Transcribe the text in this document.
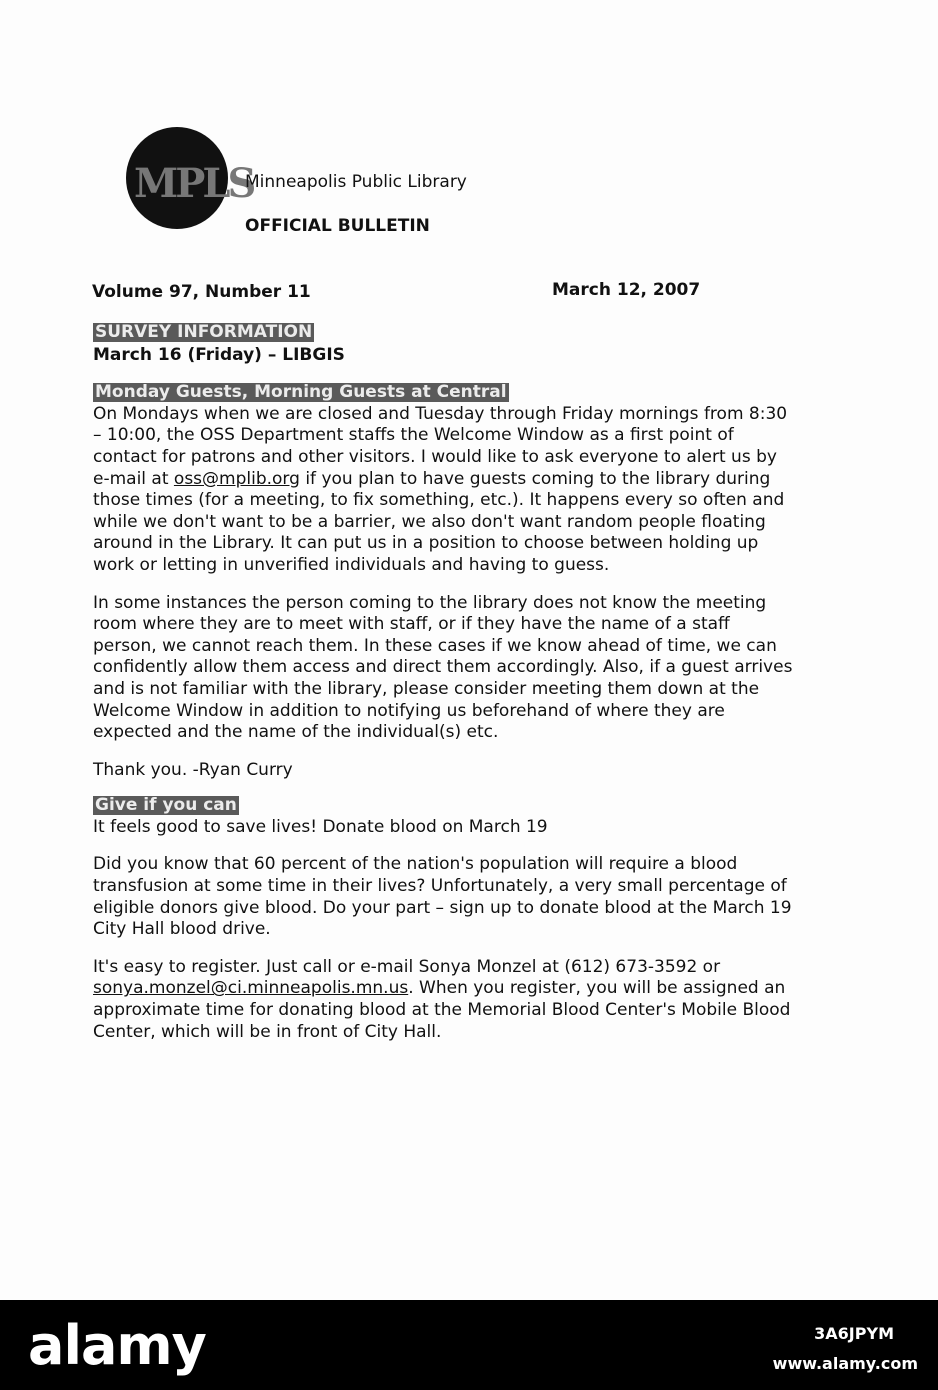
MPLS
Minneapolis Public Library
OFFICIAL BULLETIN
Volume 97, Number 11	March 12, 2007
SURVEY INFORMATION

March 16 (Friday) – LIBGIS

Monday Guests, Morning Guests at Central

On Mondays when we are closed and Tuesday through Friday mornings from 8:30 – 10:00, the OSS Department staffs the Welcome Window as a first point of contact for patrons and other visitors. I would like to ask everyone to alert us by e-mail at oss@mplib.org if you plan to have guests coming to the library during those times (for a meeting, to fix something, etc.). It happens every so often and while we don't want to be a barrier, we also don't want random people floating around in the Library. It can put us in a position to choose between holding up work or letting in unverified individuals and having to guess.

In some instances the person coming to the library does not know the meeting room where they are to meet with staff, or if they have the name of a staff person, we cannot reach them. In these cases if we know ahead of time, we can confidently allow them access and direct them accordingly. Also, if a guest arrives and is not familiar with the library, please consider meeting them down at the Welcome Window in addition to notifying us beforehand of where they are expected and the name of the individual(s) etc.

Thank you. -Ryan Curry

Give if you can

It feels good to save lives! Donate blood on March 19

Did you know that 60 percent of the nation's population will require a blood transfusion at some time in their lives? Unfortunately, a very small percentage of eligible donors give blood. Do your part – sign up to donate blood at the March 19 City Hall blood drive.

It's easy to register. Just call or e-mail Sonya Monzel at (612) 673-3592 or sonya.monzel@ci.minneapolis.mn.us. When you register, you will be assigned an approximate time for donating blood at the Memorial Blood Center's Mobile Blood Center, which will be in front of City Hall.

alamy	3A6JPYM
www.alamy.com
